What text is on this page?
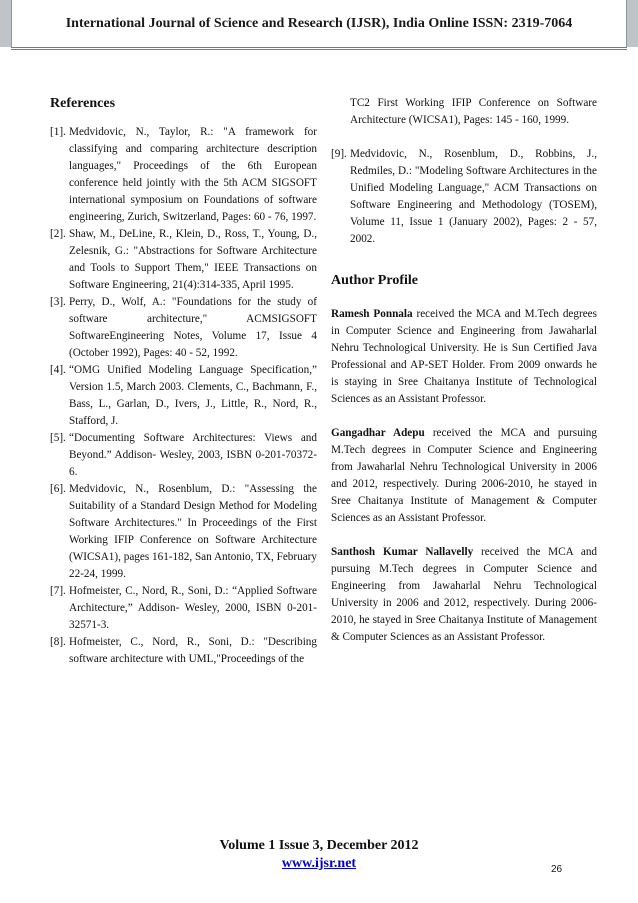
International Journal of Science and Research (IJSR), India Online ISSN: 2319-7064
References
[1]. Medvidovic, N., Taylor, R.: "A framework for classifying and comparing architecture description languages," Proceedings of the 6th European conference held jointly with the 5th ACM SIGSOFT international symposium on Foundations of software engineering, Zurich, Switzerland, Pages: 60 - 76, 1997.
[2]. Shaw, M., DeLine, R., Klein, D., Ross, T., Young, D., Zelesnik, G.: "Abstractions for Software Architecture and Tools to Support Them," IEEE Transactions on Software Engineering, 21(4):314-335, April 1995.
[3]. Perry, D., Wolf, A.: "Foundations for the study of software architecture," ACMSIGSOFT SoftwareEngineering Notes, Volume 17, Issue 4 (October 1992), Pages: 40 - 52, 1992.
[4]. “OMG Unified Modeling Language Specification,” Version 1.5, March 2003. Clements, C., Bachmann, F., Bass, L., Garlan, D., Ivers, J., Little, R., Nord, R., Stafford, J.
[5]. “Documenting Software Architectures: Views and Beyond.” Addison- Wesley, 2003, ISBN 0-201-70372-6.
[6]. Medvidovic, N., Rosenblum, D.: "Assessing the Suitability of a Standard Design Method for Modeling Software Architectures." In Proceedings of the First Working IFIP Conference on Software Architecture (WICSA1), pages 161-182, San Antonio, TX, February 22-24, 1999.
[7]. Hofmeister, C., Nord, R., Soni, D.: “Applied Software Architecture,” Addison- Wesley, 2000, ISBN 0-201-32571-3.
[8]. Hofmeister, C., Nord, R., Soni, D.: "Describing software architecture with UML,"Proceedings of the
TC2 First Working IFIP Conference on Software Architecture (WICSA1), Pages: 145 - 160, 1999.
[9]. Medvidovic, N., Rosenblum, D., Robbins, J., Redmiles, D.: "Modeling Software Architectures in the Unified Modeling Language," ACM Transactions on Software Engineering and Methodology (TOSEM), Volume 11, Issue 1 (January 2002), Pages: 2 - 57, 2002.
Author Profile

Ramesh Ponnala received the MCA and M.Tech degrees in Computer Science and Engineering from Jawaharlal Nehru Technological University. He is Sun Certified Java Professional and AP-SET Holder. From 2009 onwards he is staying in Sree Chaitanya Institute of Technological Sciences as an Assistant Professor.

Gangadhar Adepu received the MCA and pursuing M.Tech degrees in Computer Science and Engineering from Jawaharlal Nehru Technological University in 2006 and 2012, respectively. During 2006-2010, he stayed in Sree Chaitanya Institute of Management & Computer Sciences as an Assistant Professor.

Santhosh Kumar Nallavelly received the MCA and pursuing M.Tech degrees in Computer Science and Engineering from Jawaharlal Nehru Technological University in 2006 and 2012, respectively. During 2006-2010, he stayed in Sree Chaitanya Institute of Management & Computer Sciences as an Assistant Professor.

Volume 1 Issue 3, December 2012
www.ijsr.net	26
